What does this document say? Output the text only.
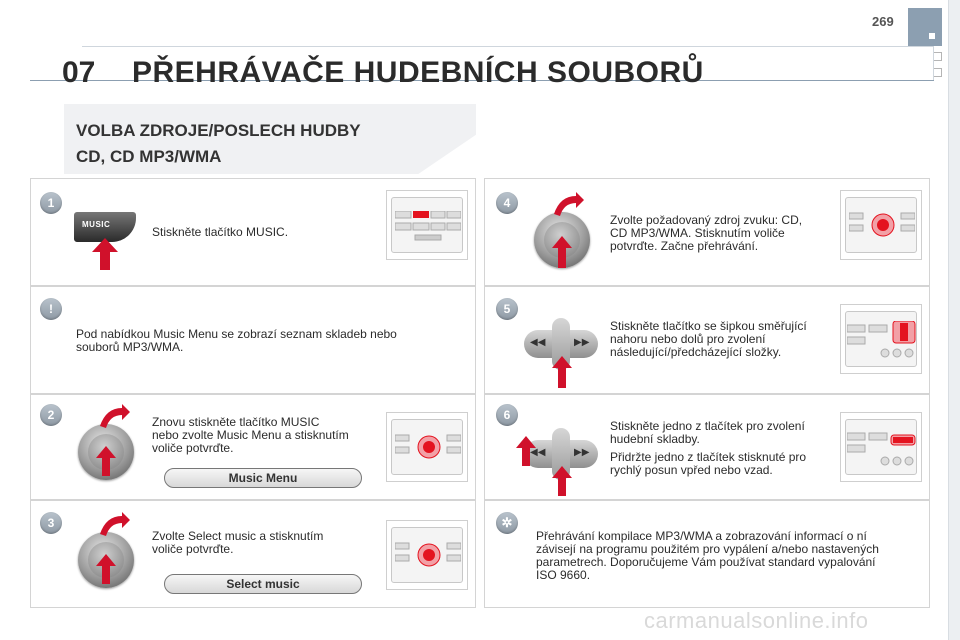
269
07 PŘEHRÁVAČE HUDEBNÍCH SOUBORŮ
VOLBA ZDROJE/POSLECH HUDBY
CD, CD MP3/WMA
1
!
2
3
4
5
6
✲
MUSIC
Stiskněte tlačítko MUSIC.
Pod nabídkou Music Menu se zobrazí seznam skladeb nebo
souborů MP3/WMA.
Znovu stiskněte tlačítko MUSIC
nebo zvolte Music Menu a stisknutím
voliče potvrďte.
Music Menu
Zvolte Select music a stisknutím
voliče potvrďte.
Select music
Zvolte požadovaný zdroj zvuku: CD,
CD MP3/WMA. Stisknutím voliče
potvrďte. Začne přehrávání.
◀◀	▶▶
Stiskněte tlačítko se šipkou směřující
nahoru nebo dolů pro zvolení
následující/předcházející složky.
◀◀	▶▶
Stiskněte jedno z tlačítek pro zvolení
hudební skladby.
Přidržte jedno z tlačítek stisknuté pro
rychlý posun vpřed nebo vzad.
Přehrávání kompilace MP3/WMA a zobrazování informací o ní
závisejí na programu použitém pro vypálení a/nebo nastavených
parametrech. Doporučujeme Vám používat standard vypalování
ISO 9660.
carmanualsonline.info
